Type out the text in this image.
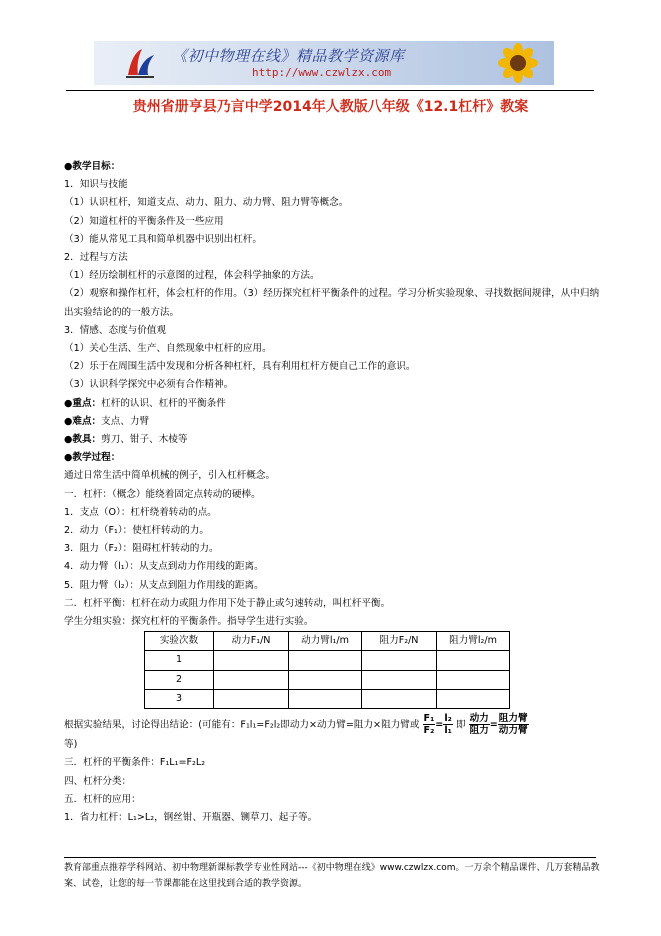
《初中物理在线》精品教学资源库
http://www.czwlzx.com
贵州省册亨县乃言中学2014年人教版八年级《12.1杠杆》教案
●教学目标：
1．知识与技能
（1）认识杠杆，知道支点、动力、阻力、动力臂、阻力臂等概念。
（2）知道杠杆的平衡条件及一些应用
（3）能从常见工具和简单机器中识别出杠杆。
2．过程与方法
（1）经历绘制杠杆的示意图的过程，体会科学抽象的方法。
（2）观察和操作杠杆，体会杠杆的作用。（3）经历探究杠杆平衡条件的过程。学习分析实验现象、寻找数据间规律，从中归纳出实验结论的的一般方法。
3．情感、态度与价值观
（1）关心生活、生产、自然现象中杠杆的应用。
（2）乐于在周围生活中发现和分析各种杠杆，具有利用杠杆方便自己工作的意识。
（3）认识科学探究中必须有合作精神。
●重点：杠杆的认识、杠杆的平衡条件
●难点：支点、力臂
●教具：剪刀、钳子、木棱等
●教学过程：
通过日常生活中简单机械的例子，引入杠杆概念。
一．杠杆：（概念）能绕着固定点转动的硬棒。
1．支点（O）：杠杆绕着转动的点。
2．动力（F₁）：使杠杆转动的力。
3．阻力（F₂）：阻碍杠杆转动的力。
4．动力臂（l₁）：从支点到动力作用线的距离。
5．阻力臂（l₂）：从支点到阻力作用线的距离。
二．杠杆平衡：杠杆在动力或阻力作用下处于静止或匀速转动，叫杠杆平衡。
学生分组实验：探究杠杆的平衡条件。指导学生进行实验。
实验次数	动力F₁/N	动力臂l₁/m	阻力F₂/N	阻力臂l₂/m
1				
2				
3				
根据实验结果，讨论得出结论：(可能有：F₁l₁=F₂l₂即动力×动力臂=阻力×阻力臂或 $\frac{\text{F₁}}{\text{F₂}} = \frac{\text{l₂}}{\text{l₁}}$ 即 $\frac{\text{动力}}{\text{阻力}} = \frac{\text{阻力臂}}{\text{动力臂}}$
等)
三．杠杆的平衡条件：F₁L₁=F₂L₂
四、杠杆分类：
五．杠杆的应用：
1．省力杠杆：L₁>L₂，钢丝钳、开瓶器、铡草刀、起子等。
教育部重点推荐学科网站、初中物理新课标教学专业性网站---《初中物理在线》www.czwlzx.com。一万余个精品课件、几万套精品教案、试卷，让您的每一节课都能在这里找到合适的教学资源。
